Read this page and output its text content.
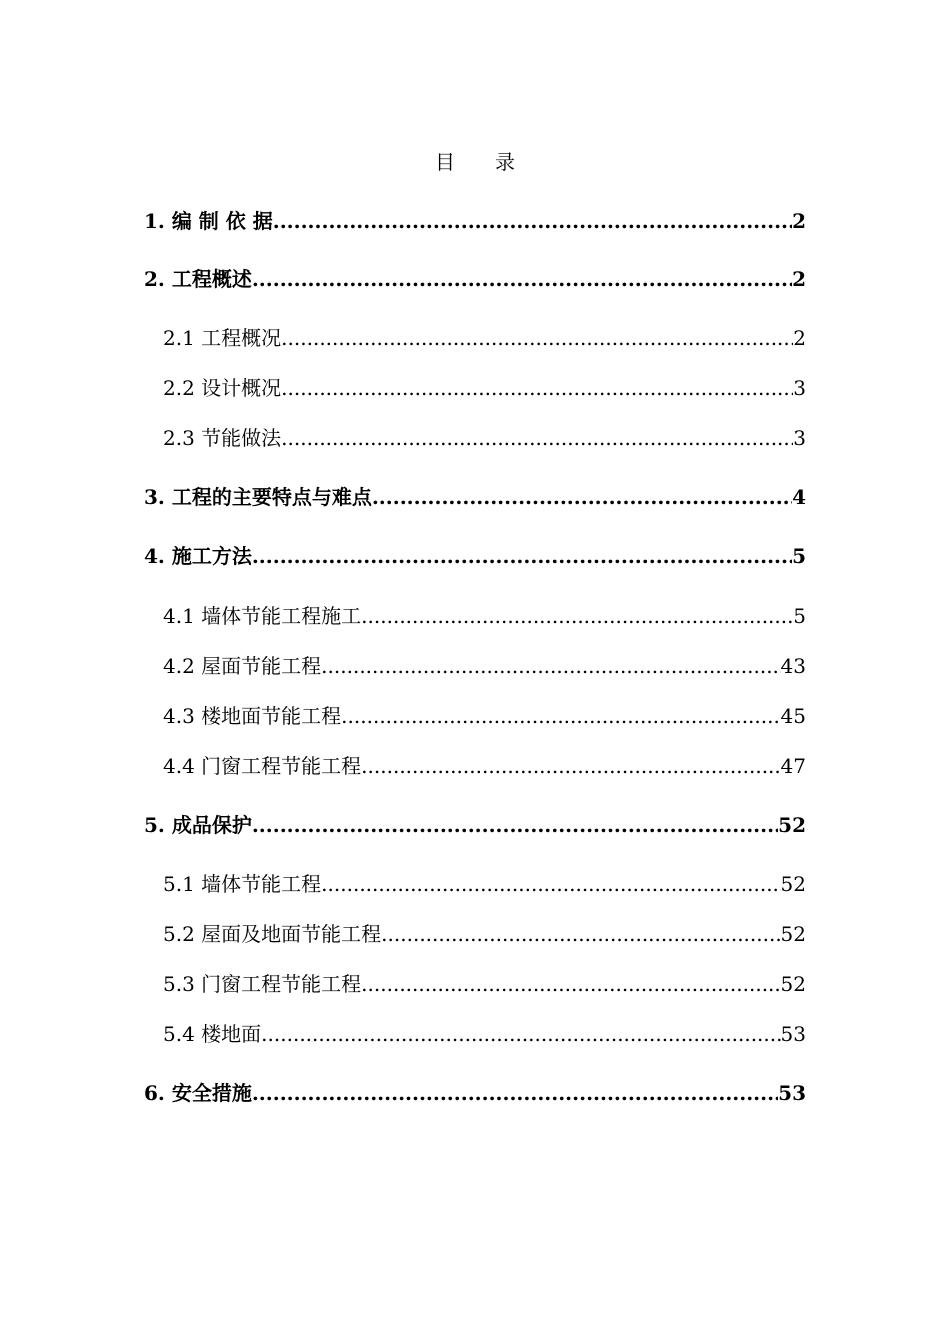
目　　录
1. 编 制 依 据 .....	2
2. 工程概述 .....	2
2.1 工程概况 .....	2
2.2 设计概况 .....	3
2.3 节能做法 .....	3
3. 工程的主要特点与难点 .....	4
4. 施工方法 .....	5
4.1 墙体节能工程施工 .....	5
4.2 屋面节能工程 .....	43
4.3 楼地面节能工程 .....	45
4.4 门窗工程节能工程 .....	47
5. 成品保护 .....	52
5.1 墙体节能工程 .....	52
5.2 屋面及地面节能工程 .....	52
5.3 门窗工程节能工程 .....	52
5.4 楼地面 .....	53
6. 安全措施 .....	53
